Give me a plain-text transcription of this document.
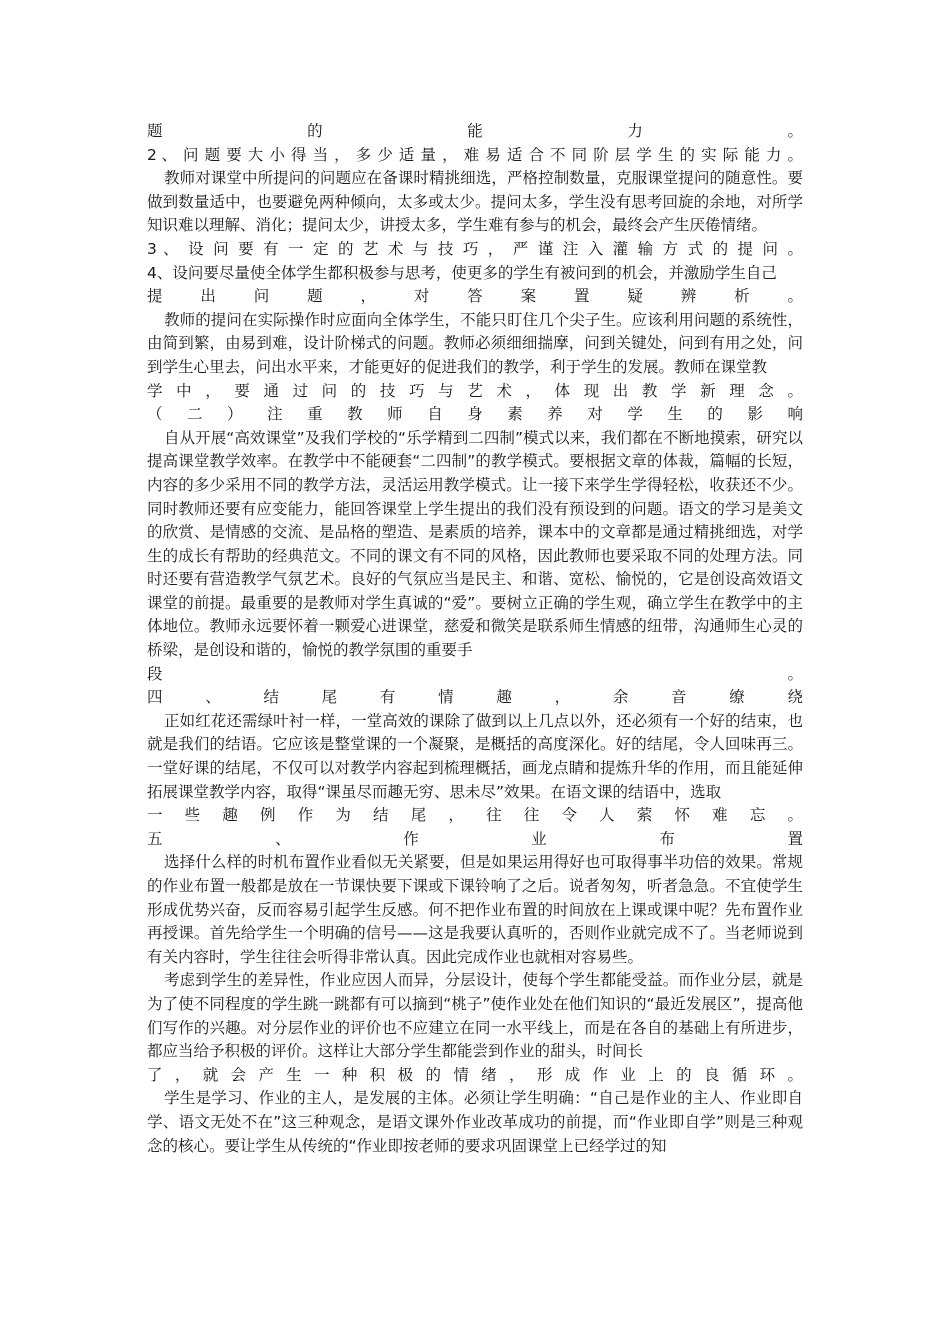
题 的 能 力 。

2 、 问 题 要 大 小 得 当 ， 多 少 适 量 ， 难 易 适 合 不 同 阶 层 学 生 的 实 际 能 力 。

教师对课堂中所提问的问题应在备课时精挑细选，严格控制数量，克服课堂提问的随意性。要做到数量适中，也要避免两种倾向，太多或太少。提问太多，学生没有思考回旋的余地，对所学知识难以理解、消化；提问太少，讲授太多，学生难有参与的机会，最终会产生厌倦情绪。

3 、 设 问 要 有 一 定 的 艺 术 与 技 巧 ， 严 谨 注 入 灌 输 方 式 的 提 问 。

4、设问要尽量使全体学生都积极参与思考，使更多的学生有被问到的机会，并激励学生自己

提 出 问 题 ， 对 答 案 置 疑 辨 析 。

教师的提问在实际操作时应面向全体学生，不能只盯住几个尖子生。应该利用问题的系统性，由简到繁，由易到难，设计阶梯式的问题。教师必须细细揣摩，问到关键处，问到有用之处，问到学生心里去，问出水平来，才能更好的促进我们的教学，利于学生的发展。教师在课堂教

学 中 ， 要 通 过 问 的 技 巧 与 艺 术 ， 体 现 出 教 学 新 理 念 。

（ 二 ） 注 重 教 师 自 身 素 养 对 学 生 的 影 响

自从开展“高效课堂”及我们学校的“乐学精到二四制”模式以来，我们都在不断地摸索，研究以提高课堂教学效率。在教学中不能硬套“二四制”的教学模式。要根据文章的体裁，篇幅的长短，内容的多少采用不同的教学方法，灵活运用教学模式。让一接下来学生学得轻松，收获还不少。同时教师还要有应变能力，能回答课堂上学生提出的我们没有预设到的问题。语文的学习是美文的欣赏、是情感的交流、是品格的塑造、是素质的培养，课本中的文章都是通过精挑细选，对学生的成长有帮助的经典范文。不同的课文有不同的风格，因此教师也要采取不同的处理方法。同时还要有营造教学气氛艺术。良好的气氛应当是民主、和谐、宽松、愉悦的，它是创设高效语文课堂的前提。最重要的是教师对学生真诚的“爱”。要树立正确的学生观，确立学生在教学中的主体地位。教师永远要怀着一颗爱心进课堂，慈爱和微笑是联系师生情感的纽带，沟通师生心灵的桥梁，是创设和谐的，愉悦的教学氛围的重要手

段 。

四 、 结 尾 有 情 趣 ， 余 音 缭 绕

正如红花还需绿叶衬一样，一堂高效的课除了做到以上几点以外，还必须有一个好的结束，也就是我们的结语。它应该是整堂课的一个凝聚，是概括的高度深化。好的结尾，令人回味再三。一堂好课的结尾，不仅可以对教学内容起到梳理概括，画龙点睛和提炼升华的作用，而且能延伸拓展课堂教学内容，取得“课虽尽而趣无穷、思未尽”效果。在语文课的结语中，选取

一 些 趣 例 作 为 结 尾 ， 往 往 令 人 萦 怀 难 忘 。

五 、 作 业 布 置

选择什么样的时机布置作业看似无关紧要，但是如果运用得好也可取得事半功倍的效果。常规的作业布置一般都是放在一节课快要下课或下课铃响了之后。说者匆匆，听者急急。不宜使学生形成优势兴奋，反而容易引起学生反感。何不把作业布置的时间放在上课或课中呢？先布置作业再授课。首先给学生一个明确的信号——这是我要认真听的，否则作业就完成不了。当老师说到有关内容时，学生往往会听得非常认真。因此完成作业也就相对容易些。

考虑到学生的差异性，作业应因人而异，分层设计，使每个学生都能受益。而作业分层，就是为了使不同程度的学生跳一跳都有可以摘到“桃子”使作业处在他们知识的“最近发展区”，提高他们写作的兴趣。对分层作业的评价也不应建立在同一水平线上，而是在各自的基础上有所进步，都应当给予积极的评价。这样让大部分学生都能尝到作业的甜头，时间长

了 ， 就 会 产 生 一 种 积 极 的 情 绪 ， 形 成 作 业 上 的 良 循 环 。

学生是学习、作业的主人，是发展的主体。必须让学生明确：“自己是作业的主人、作业即自学、语文无处不在”这三种观念，是语文课外作业改革成功的前提，而“作业即自学”则是三种观念的核心。要让学生从传统的“作业即按老师的要求巩固课堂上已经学过的知
